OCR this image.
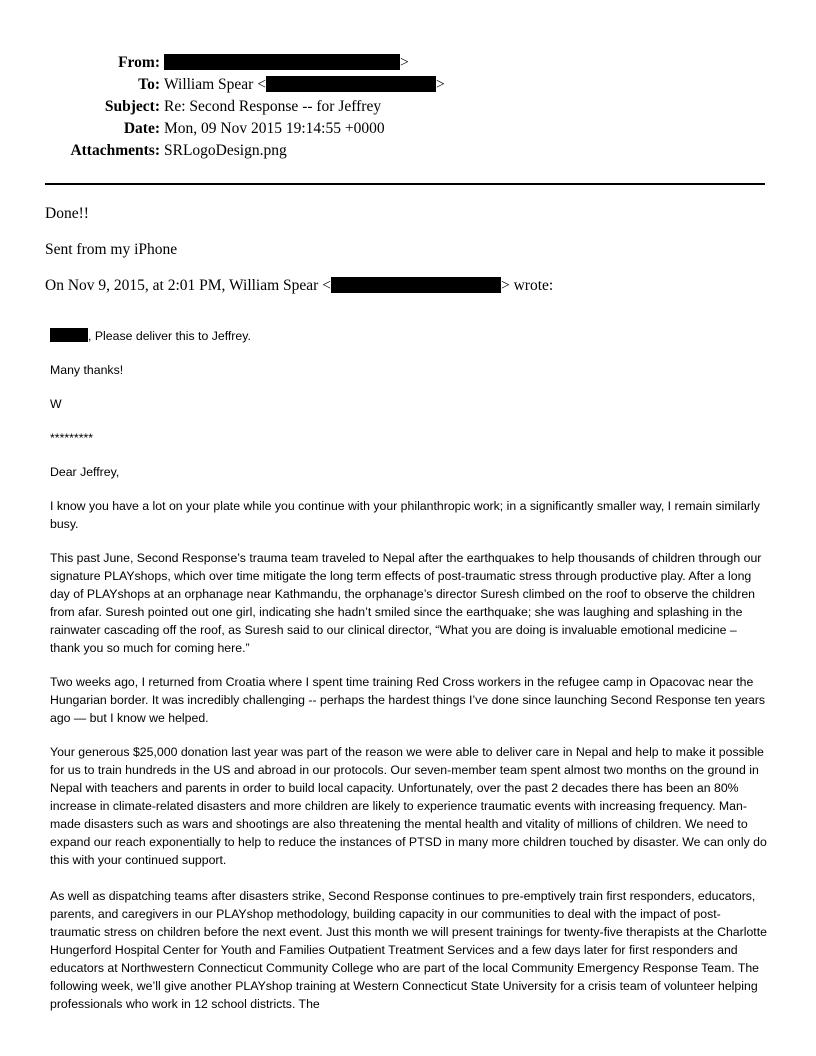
From:	>
To: William Spear <	>
Subject: Re: Second Response -- for Jeffrey
Date: Mon, 09 Nov 2015 19:14:55 +0000
Attachments: SRLogoDesign.png
Done!!
Sent from my iPhone
On Nov 9, 2015, at 2:01 PM, William Spear <	> wrote:
, Please deliver this to Jeffrey.
Many thanks!
W
*********
Dear Jeffrey,

I know you have a lot on your plate while you continue with your philanthropic work; in a significantly smaller way, I remain similarly busy.

This past June, Second Response’s trauma team traveled to Nepal after the earthquakes to help thousands of children through our signature PLAYshops, which over time mitigate the long term effects of post-traumatic stress through productive play. After a long day of PLAYshops at an orphanage near Kathmandu, the orphanage’s director Suresh climbed on the roof to observe the children from afar. Suresh pointed out one girl, indicating she hadn’t smiled since the earthquake; she was laughing and splashing in the rainwater cascading off the roof, as Suresh said to our clinical director, “What you are doing is invaluable emotional medicine – thank you so much for coming here.”

Two weeks ago, I returned from Croatia where I spent time training Red Cross workers in the refugee camp in Opacovac near the Hungarian border. It was incredibly challenging -- perhaps the hardest things I’ve done since launching Second Response ten years ago — but I know we helped.

Your generous $25,000 donation last year was part of the reason we were able to deliver care in Nepal and help to make it possible for us to train hundreds in the US and abroad in our protocols. Our seven-member team spent almost two months on the ground in Nepal with teachers and parents in order to build local capacity. Unfortunately, over the past 2 decades there has been an 80% increase in climate-related disasters and more children are likely to experience traumatic events with increasing frequency. Man-made disasters such as wars and shootings are also threatening the mental health and vitality of millions of children. We need to expand our reach exponentially to help to reduce the instances of PTSD in many more children touched by disaster. We can only do this with your continued support.

As well as dispatching teams after disasters strike, Second Response continues to pre-emptively train first responders, educators, parents, and caregivers in our PLAYshop methodology, building capacity in our communities to deal with the impact of post-traumatic stress on children before the next event. Just this month we will present trainings for twenty-five therapists at the Charlotte Hungerford Hospital Center for Youth and Families Outpatient Treatment Services and a few days later for first responders and educators at Northwestern Connecticut Community College who are part of the local Community Emergency Response Team. The following week, we’ll give another PLAYshop training at Western Connecticut State University for a crisis team of volunteer helping professionals who work in 12 school districts. The
